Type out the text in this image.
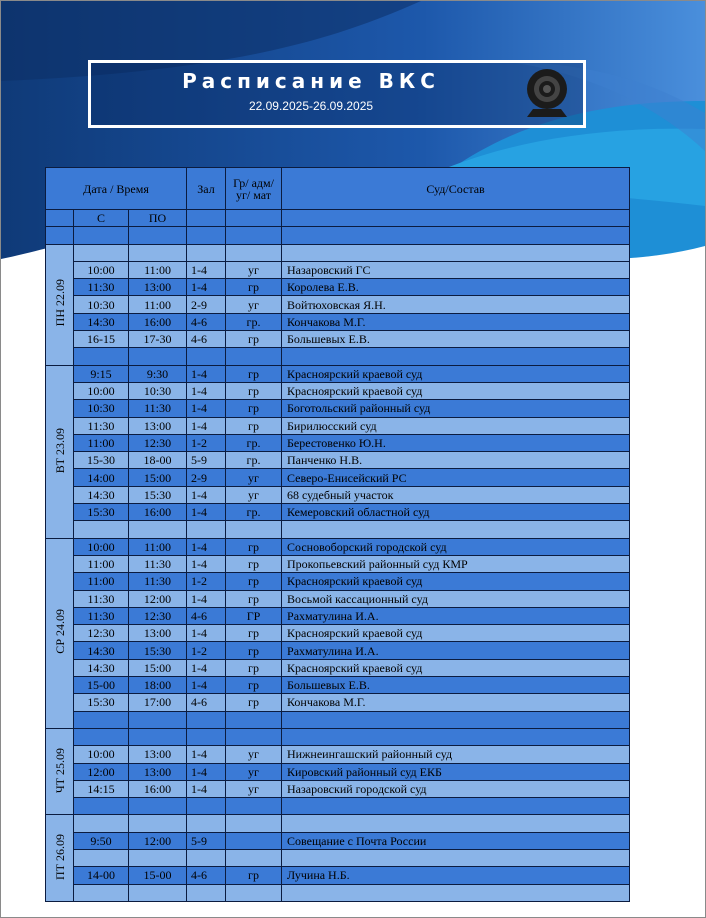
Расписание ВКС
22.09.2025-26.09.2025
Дата / Время			Зал	Гр/ адм/уг/ мат	Суд/Состав
	С	ПО			

ПН 22.09					
	10:00	11:00	1-4	уг	Назаровский ГС
	11:30	13:00	1-4	гр	Королева Е.В.
	10:30	11:00	2-9	уг	Войтюховская Я.Н.
	14:30	16:00	4-6	гр.	Кончакова М.Г.
	16-15	17-30	4-6	гр	Большевых Е.В.

ВТ 23.09	9:15	9:30	1-4	гр	Красноярский краевой суд
	10:00	10:30	1-4	гр	Красноярский краевой суд
	10:30	11:30	1-4	гр	Боготольский районный суд
	11:30	13:00	1-4	гр	Бирилюсский суд
	11:00	12:30	1-2	гр.	Берестовенко Ю.Н.
	15-30	18-00	5-9	гр.	Панченко Н.В.
	14:00	15:00	2-9	уг	Северо-Енисейский РС
	14:30	15:30	1-4	уг	68 судебный участок
	15:30	16:00	1-4	гр.	Кемеровский областной суд

СР 24.09	10:00	11:00	1-4	гр	Сосновоборский городской суд
	11:00	11:30	1-4	гр	Прокопьевский районный суд КМР
	11:00	11:30	1-2	гр	Красноярский краевой суд
	11:30	12:00	1-4	гр	Восьмой кассационный суд
	11:30	12:30	4-6	ГР	Рахматулина И.А.
	12:30	13:00	1-4	гр	Красноярский краевой суд
	14:30	15:30	1-2	гр	Рахматулина И.А.
	14:30	15:00	1-4	гр	Красноярский краевой суд
	15-00	18:00	1-4	гр	Большевых Е.В.
	15:30	17:00	4-6	гр	Кончакова М.Г.

ЧТ 25.09					
	10:00	13:00	1-4	уг	Нижнеингашский районный суд
	12:00	13:00	1-4	уг	Кировский районный суд ЕКБ
	14:15	16:00	1-4	уг	Назаровский городской суд

ПТ 26.09					
	9:50	12:00	5-9		Совещание с Почта России

	14-00	15-00	4-6	гр	Лучина Н.Б.
